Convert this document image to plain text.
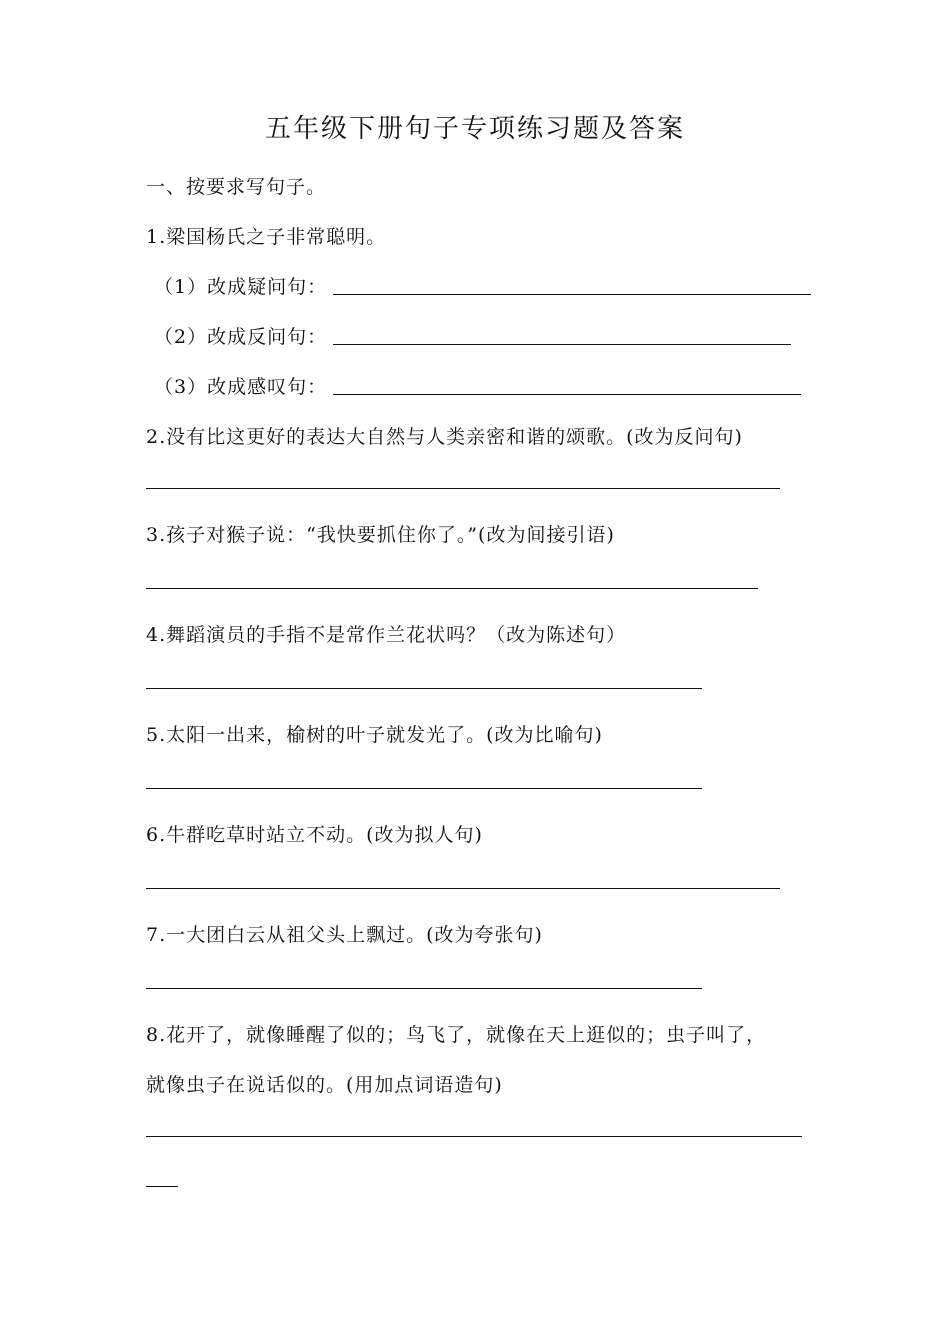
五年级下册句子专项练习题及答案
一、按要求写句子。
1.梁国杨氏之子非常聪明。
（1）改成疑问句：
（2）改成反问句：
（3）改成感叹句：
2.没有比这更好的表达大自然与人类亲密和谐的颂歌。(改为反问句)
3.孩子对猴子说：“我快要抓住你了。”(改为间接引语)
4.舞蹈演员的手指不是常作兰花状吗？（改为陈述句）
5.太阳一出来，榆树的叶子就发光了。(改为比喻句)
6.牛群吃草时站立不动。(改为拟人句)
7.一大团白云从祖父头上飘过。(改为夸张句)
8.花开了，就像睡醒了似的；鸟飞了，就像在天上逛似的；虫子叫了，
就像虫子在说话似的。(用加点词语造句)
